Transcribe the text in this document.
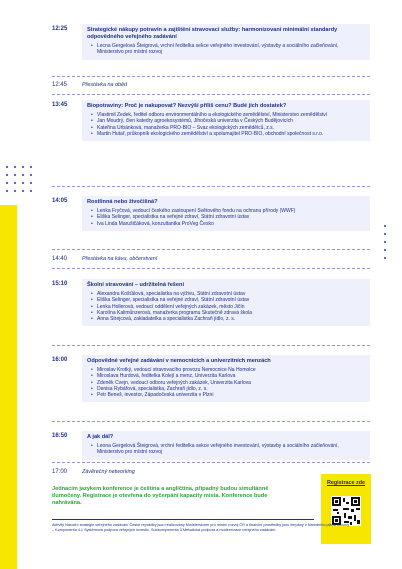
12:25	Strategické nákupy potravin a zajištění stravovací služby: harmonizovaní minimální standardy odpovědného veřejného zadávání
• Lecna Gergelová Šteigrová, vrchní ředitelka sekce veřejného investování, výstavby a sociálního začleňování, Ministerstvo pro místní rozvoj
12:45	Přestávka na oběd
13:45	Biopotraviny: Proč je nakupovat? Nezvýší příliš cenu? Budé jich dostatek?
• Vlastimil Zedek, ředitel odboru environmentálního a ekologického zemědělství, Ministerstvo zemědělství
• Jan Moudrý, člen katedry agroekosystémů, Jihočeská univerzita v Českých Budějovicích
• Kateřina Urbánková, manažerka PRO-BIO – Svaz ekologických zemědělců, z.s.
• Martin Hutař, průkopník ekologického zemědělství a spolumajitel PRO-BIO, obchodní společnost s.r.o.
14:05	Rostlinná nebo živočišná?
• Lenka Fryčová, vedoucí českého zastoupení Světového fondu na ochranu přírody (WWF)
• Eliška Selinger, specialistka na veřejné zdraví, Státní zdravotní ústav
• Iva Linda Marušičáková, konzultantka ProVeg Česko
14:40	Přestávka na kávu, občerstvení
15:10	Školní stravování – udržitelná řešení
• Alexandra Košťálová, specialistka na výživu, Státní zdravotní ústav
• Eliška Selinger, specialistka na veřejné zdraví, Státní zdravotní ústav
• Lenka Hollerová, vedoucí oddělení veřejných zakázek, město Jičín
• Karolína Kalimůnzerová, manažerka programu Skutečně zdravá škola
• Anna Strejcová, zakladatelka a specialistka Zachraň jídlo, z. s.
16:00	Odpovědné veřejné zadávání v nemocnicích a univerzitních menzách
• Miroslav Krotký, vedoucí stravovacího provozu Nemocnice Na Homolce
• Miroslava Hurdová, ředitelka Kolejí a menz, Univerzita Karlova
• Zdeněk Cvejn, vedoucí odboru veřejných zakázek, Univerzita Karlova
• Denisa Rybářová, specialistka, Zachraň jídlo, z. s.
• Petr Beneš, investor, Západočeská univerzita v Plzni
16:50	A jak dál?
• Leona Gergelová Šteigrová, vrchní ředitelka sekce veřejného investování, výstavby a sociálního začleňování, Ministerstvo pro místní rozvoj
17:00	Závěrečný networking
Jednacím jazykem konference je čeština a angličtina, případný budou simultánně tlumočeny. Registrace je otevřena do vyčerpání kapacity místa. Konference bude nahrávána.
Registrace zde
Aktivity Národní strategie veřejného zadávání České republiky jsou realizovány Ministerstvem pro místní rozvoj ČR a finanční prostředky jsou čerpány z Národního plánu obnovy – Komponenta 4.1 Systémová podpora veřejných investic, Subkomponenta 3 Metodická podpora a modernizace veřejného zadávání.
